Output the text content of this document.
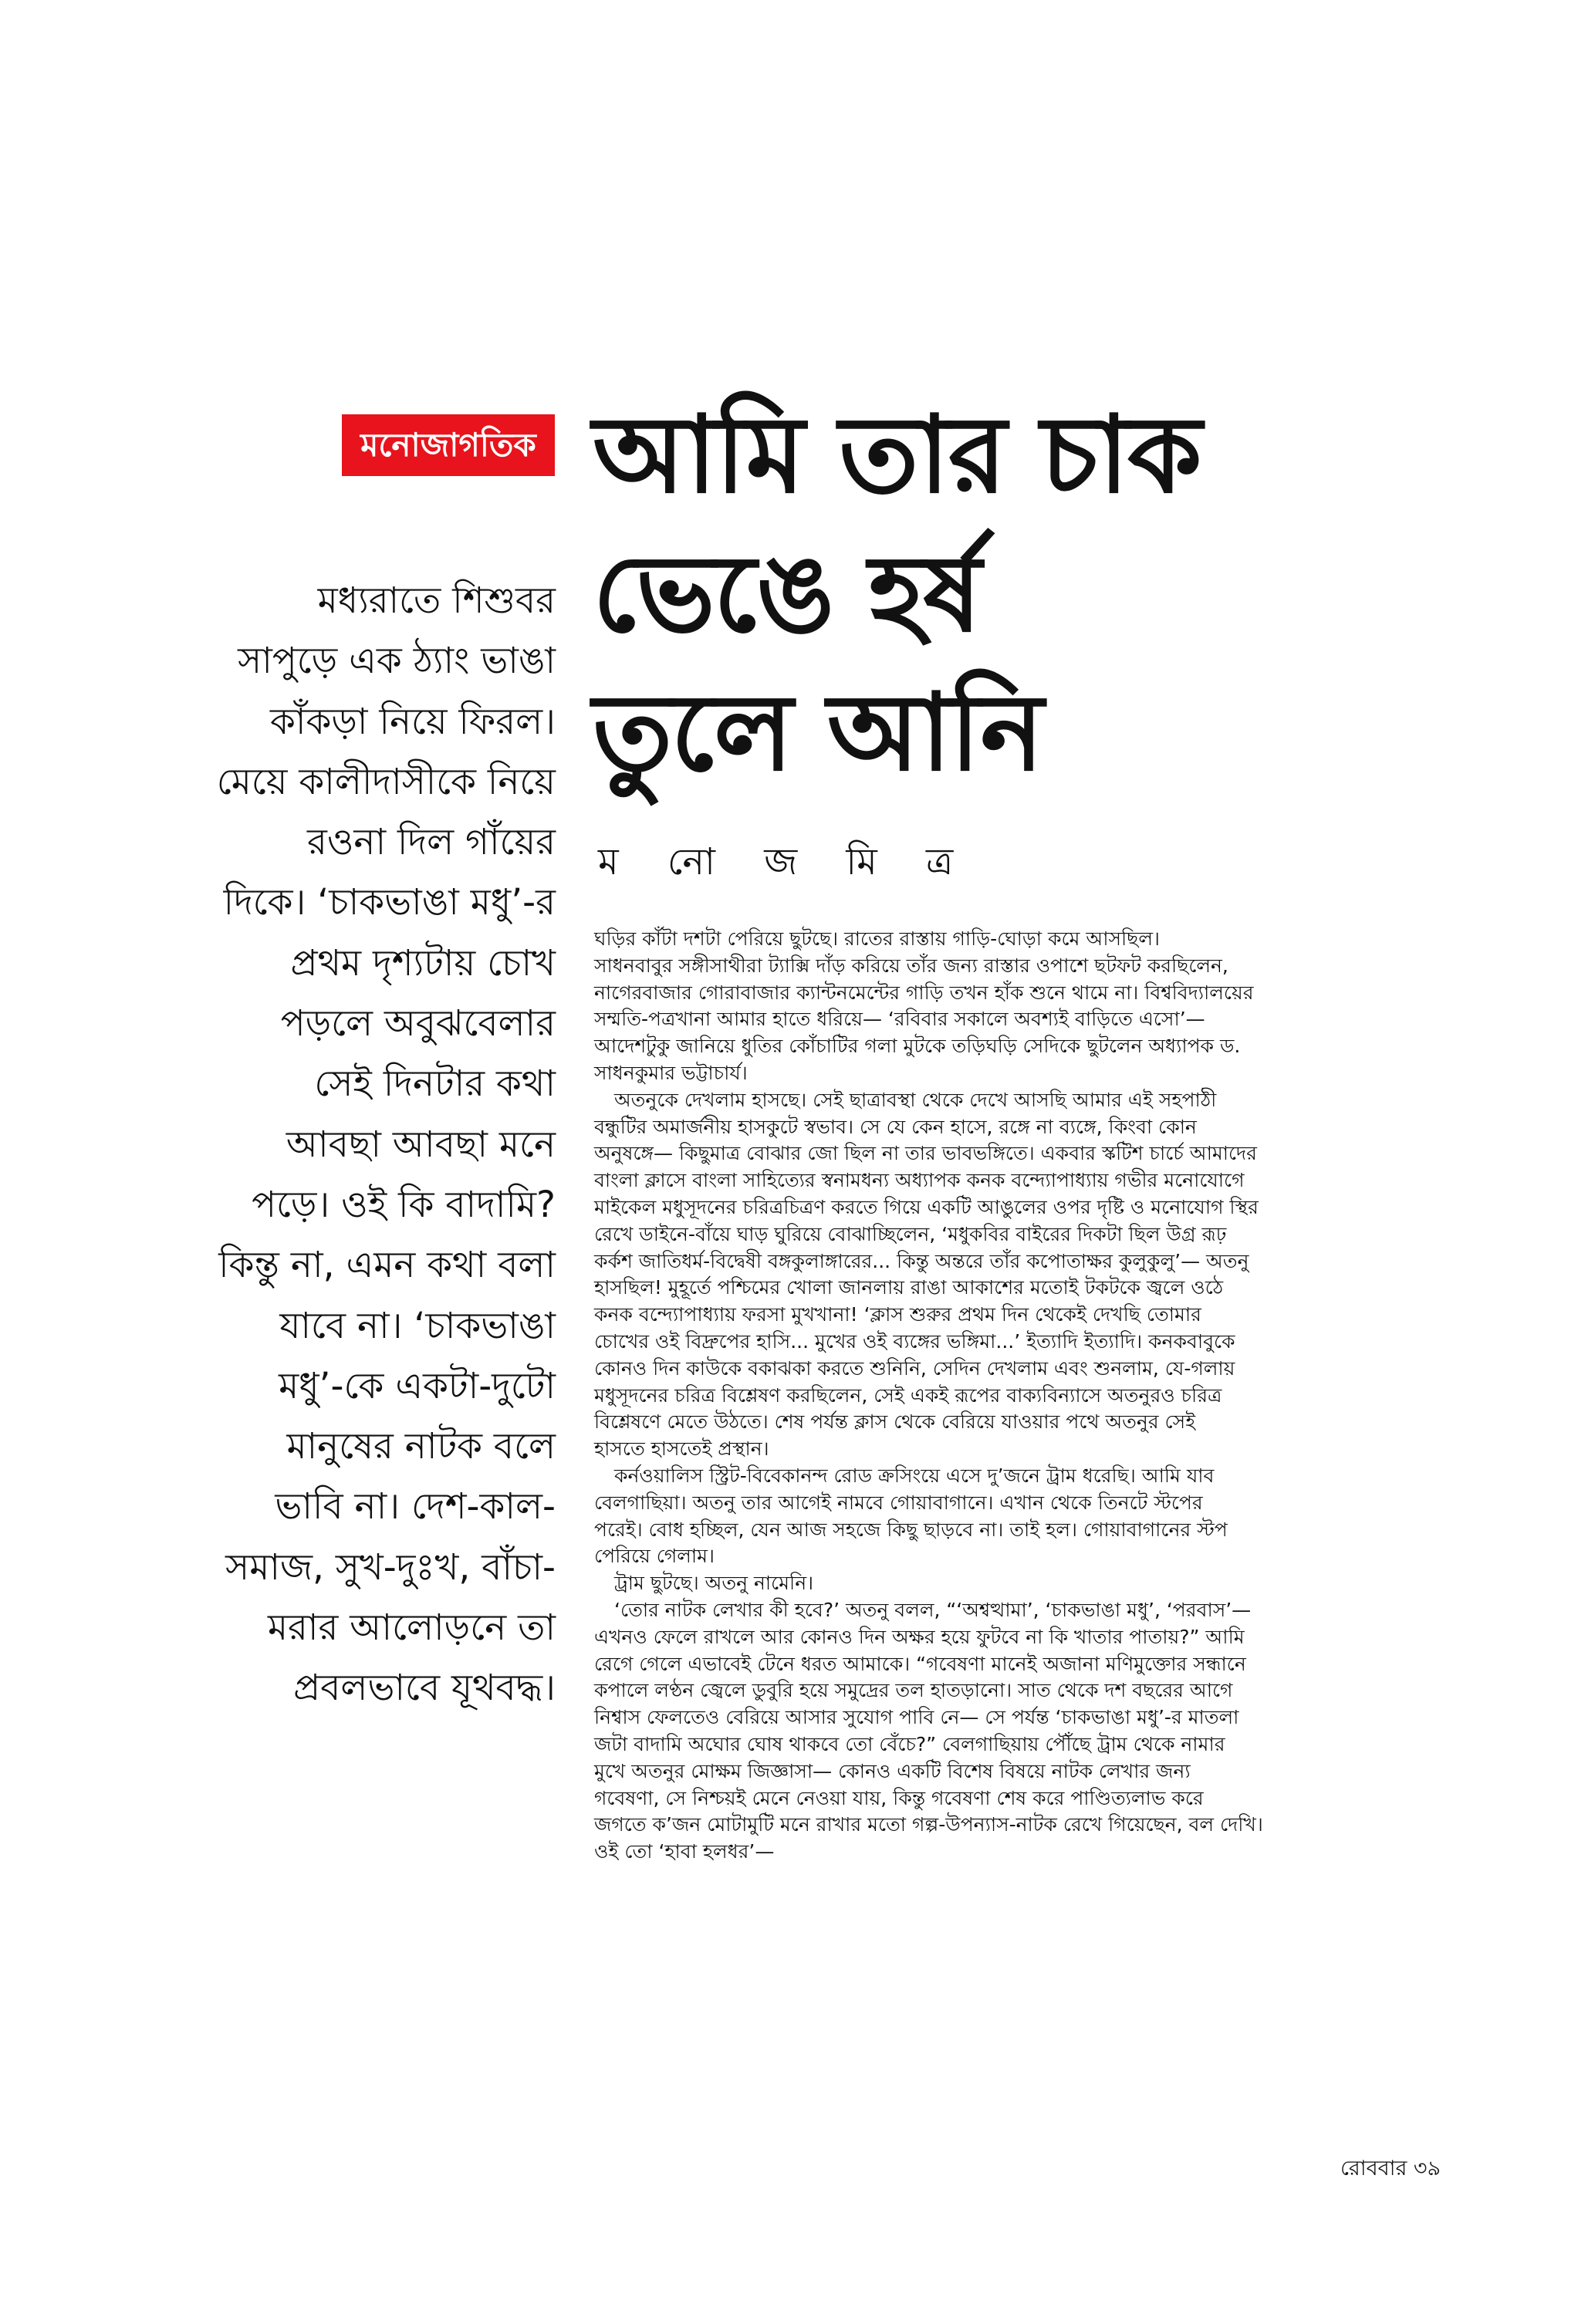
মনোজাগতিক আমি তার চাক
ভেঙে হর্ষ
তুলে আনি
ম নো জ মি ত্র
মধ্যরাতে শিশুবর
সাপুড়ে এক ঠ্যাং ভাঙা
কাঁকড়া নিয়ে ফিরল।
মেয়ে কালীদাসীকে নিয়ে
রওনা দিল গাঁয়ের
দিকে। ‘চাকভাঙা মধু’-র
প্রথম দৃশ্যটায় চোখ
পড়লে অবুঝবেলার
সেই দিনটার কথা
আবছা আবছা মনে
পড়ে। ওই কি বাদামি?
কিন্তু না, এমন কথা বলা
যাবে না। ‘চাকভাঙা
মধু’-কে একটা-দুটো
মানুষের নাটক বলে
ভাবি না। দেশ-কাল-
সমাজ, সুখ-দুঃখ, বাঁচা-
মরার আলোড়নে তা
প্রবলভাবে যূথবদ্ধ।
ঘড়ির কাঁটা দশটা পেরিয়ে ছুটছে। রাতের রাস্তায় গাড়ি-ঘোড়া কমে আসছিল।
সাধনবাবুর সঙ্গীসাথীরা ট্যাক্সি দাঁড় করিয়ে তাঁর জন্য রাস্তার ওপাশে ছটফট করছিলেন,
নাগেরবাজার গোরাবাজার ক্যান্টনমেন্টের গাড়ি তখন হাঁক শুনে থামে না। বিশ্ববিদ্যালয়ের
সম্মতি-পত্রখানা আমার হাতে ধরিয়ে— ‘রবিবার সকালে অবশ্যই বাড়িতে এসো’—
আদেশটুকু জানিয়ে ধুতির কোঁচাটির গলা মুটকে তড়িঘড়ি সেদিকে ছুটলেন অধ্যাপক ড.
সাধনকুমার ভট্টাচার্য।
অতনুকে দেখলাম হাসছে। সেই ছাত্রাবস্থা থেকে দেখে আসছি আমার এই সহপাঠী
বন্ধুটির অমার্জনীয় হাসকুটে স্বভাব। সে যে কেন হাসে, রঙ্গে না ব্যঙ্গে, কিংবা কোন
অনুষঙ্গে— কিছুমাত্র বোঝার জো ছিল না তার ভাবভঙ্গিতে। একবার স্কটিশ চার্চে আমাদের
বাংলা ক্লাসে বাংলা সাহিত্যের স্বনামধন্য অধ্যাপক কনক বন্দ্যোপাধ্যায় গভীর মনোযোগে
মাইকেল মধুসূদনের চরিত্রচিত্রণ করতে গিয়ে একটি আঙুলের ওপর দৃষ্টি ও মনোযোগ স্থির
রেখে ডাইনে-বাঁয়ে ঘাড় ঘুরিয়ে বোঝাচ্ছিলেন, ‘মধুকবির বাইরের দিকটা ছিল উগ্র রূঢ়
কর্কশ জাতিধর্ম-বিদ্বেষী বঙ্গকুলাঙ্গারের... কিন্তু অন্তরে তাঁর কপোতাক্ষর কুলুকুলু’— অতনু
হাসছিল! মুহূর্তে পশ্চিমের খোলা জানলায় রাঙা আকাশের মতোই টকটকে জ্বলে ওঠে
কনক বন্দ্যোপাধ্যায় ফরসা মুখখানা! ‘ক্লাস শুরুর প্রথম দিন থেকেই দেখছি তোমার
চোখের ওই বিদ্রুপের হাসি... মুখের ওই ব্যঙ্গের ভঙ্গিমা...’ ইত্যাদি ইত্যাদি। কনকবাবুকে
কোনও দিন কাউকে বকাঝকা করতে শুনিনি, সেদিন দেখলাম এবং শুনলাম, যে-গলায়
মধুসূদনের চরিত্র বিশ্লেষণ করছিলেন, সেই একই রূপের বাক্যবিন্যাসে অতনুরও চরিত্র
বিশ্লেষণে মেতে উঠতে। শেষ পর্যন্ত ক্লাস থেকে বেরিয়ে যাওয়ার পথে অতনুর সেই
হাসতে হাসতেই প্রস্থান।
কর্নওয়ালিস স্ট্রিট-বিবেকানন্দ রোড ক্রসিংয়ে এসে দু’জনে ট্রাম ধরেছি। আমি যাব
বেলগাছিয়া। অতনু তার আগেই নামবে গোয়াবাগানে। এখান থেকে তিনটে স্টপের
পরেই। বোধ হচ্ছিল, যেন আজ সহজে কিছু ছাড়বে না। তাই হল। গোয়াবাগানের স্টপ
পেরিয়ে গেলাম।
ট্রাম ছুটছে। অতনু নামেনি।
‘তোর নাটক লেখার কী হবে?’ অতনু বলল, “‘অশ্বত্থামা’, ‘চাকভাঙা মধু’, ‘পরবাস’—
এখনও ফেলে রাখলে আর কোনও দিন অক্ষর হয়ে ফুটবে না কি খাতার পাতায়?” আমি
রেগে গেলে এভাবেই টেনে ধরত আমাকে। “গবেষণা মানেই অজানা মণিমুক্তোর সন্ধানে
কপালে লণ্ঠন জ্বেলে ডুবুরি হয়ে সমুদ্রের তল হাতড়ানো। সাত থেকে দশ বছরের আগে
নিশ্বাস ফেলতেও বেরিয়ে আসার সুযোগ পাবি নে— সে পর্যন্ত ‘চাকভাঙা মধু’-র মাতলা
জটা বাদামি অঘোর ঘোষ থাকবে তো বেঁচে?” বেলগাছিয়ায় পৌঁছে ট্রাম থেকে নামার
মুখে অতনুর মোক্ষম জিজ্ঞাসা— কোনও একটি বিশেষ বিষয়ে নাটক লেখার জন্য
গবেষণা, সে নিশ্চয়ই মেনে নেওয়া যায়, কিন্তু গবেষণা শেষ করে পাণ্ডিত্যলাভ করে
জগতে ক’জন মোটামুটি মনে রাখার মতো গল্প-উপন্যাস-নাটক রেখে গিয়েছেন, বল দেখি।
ওই তো ‘হাবা হলধর’—
রোববার ৩৯
